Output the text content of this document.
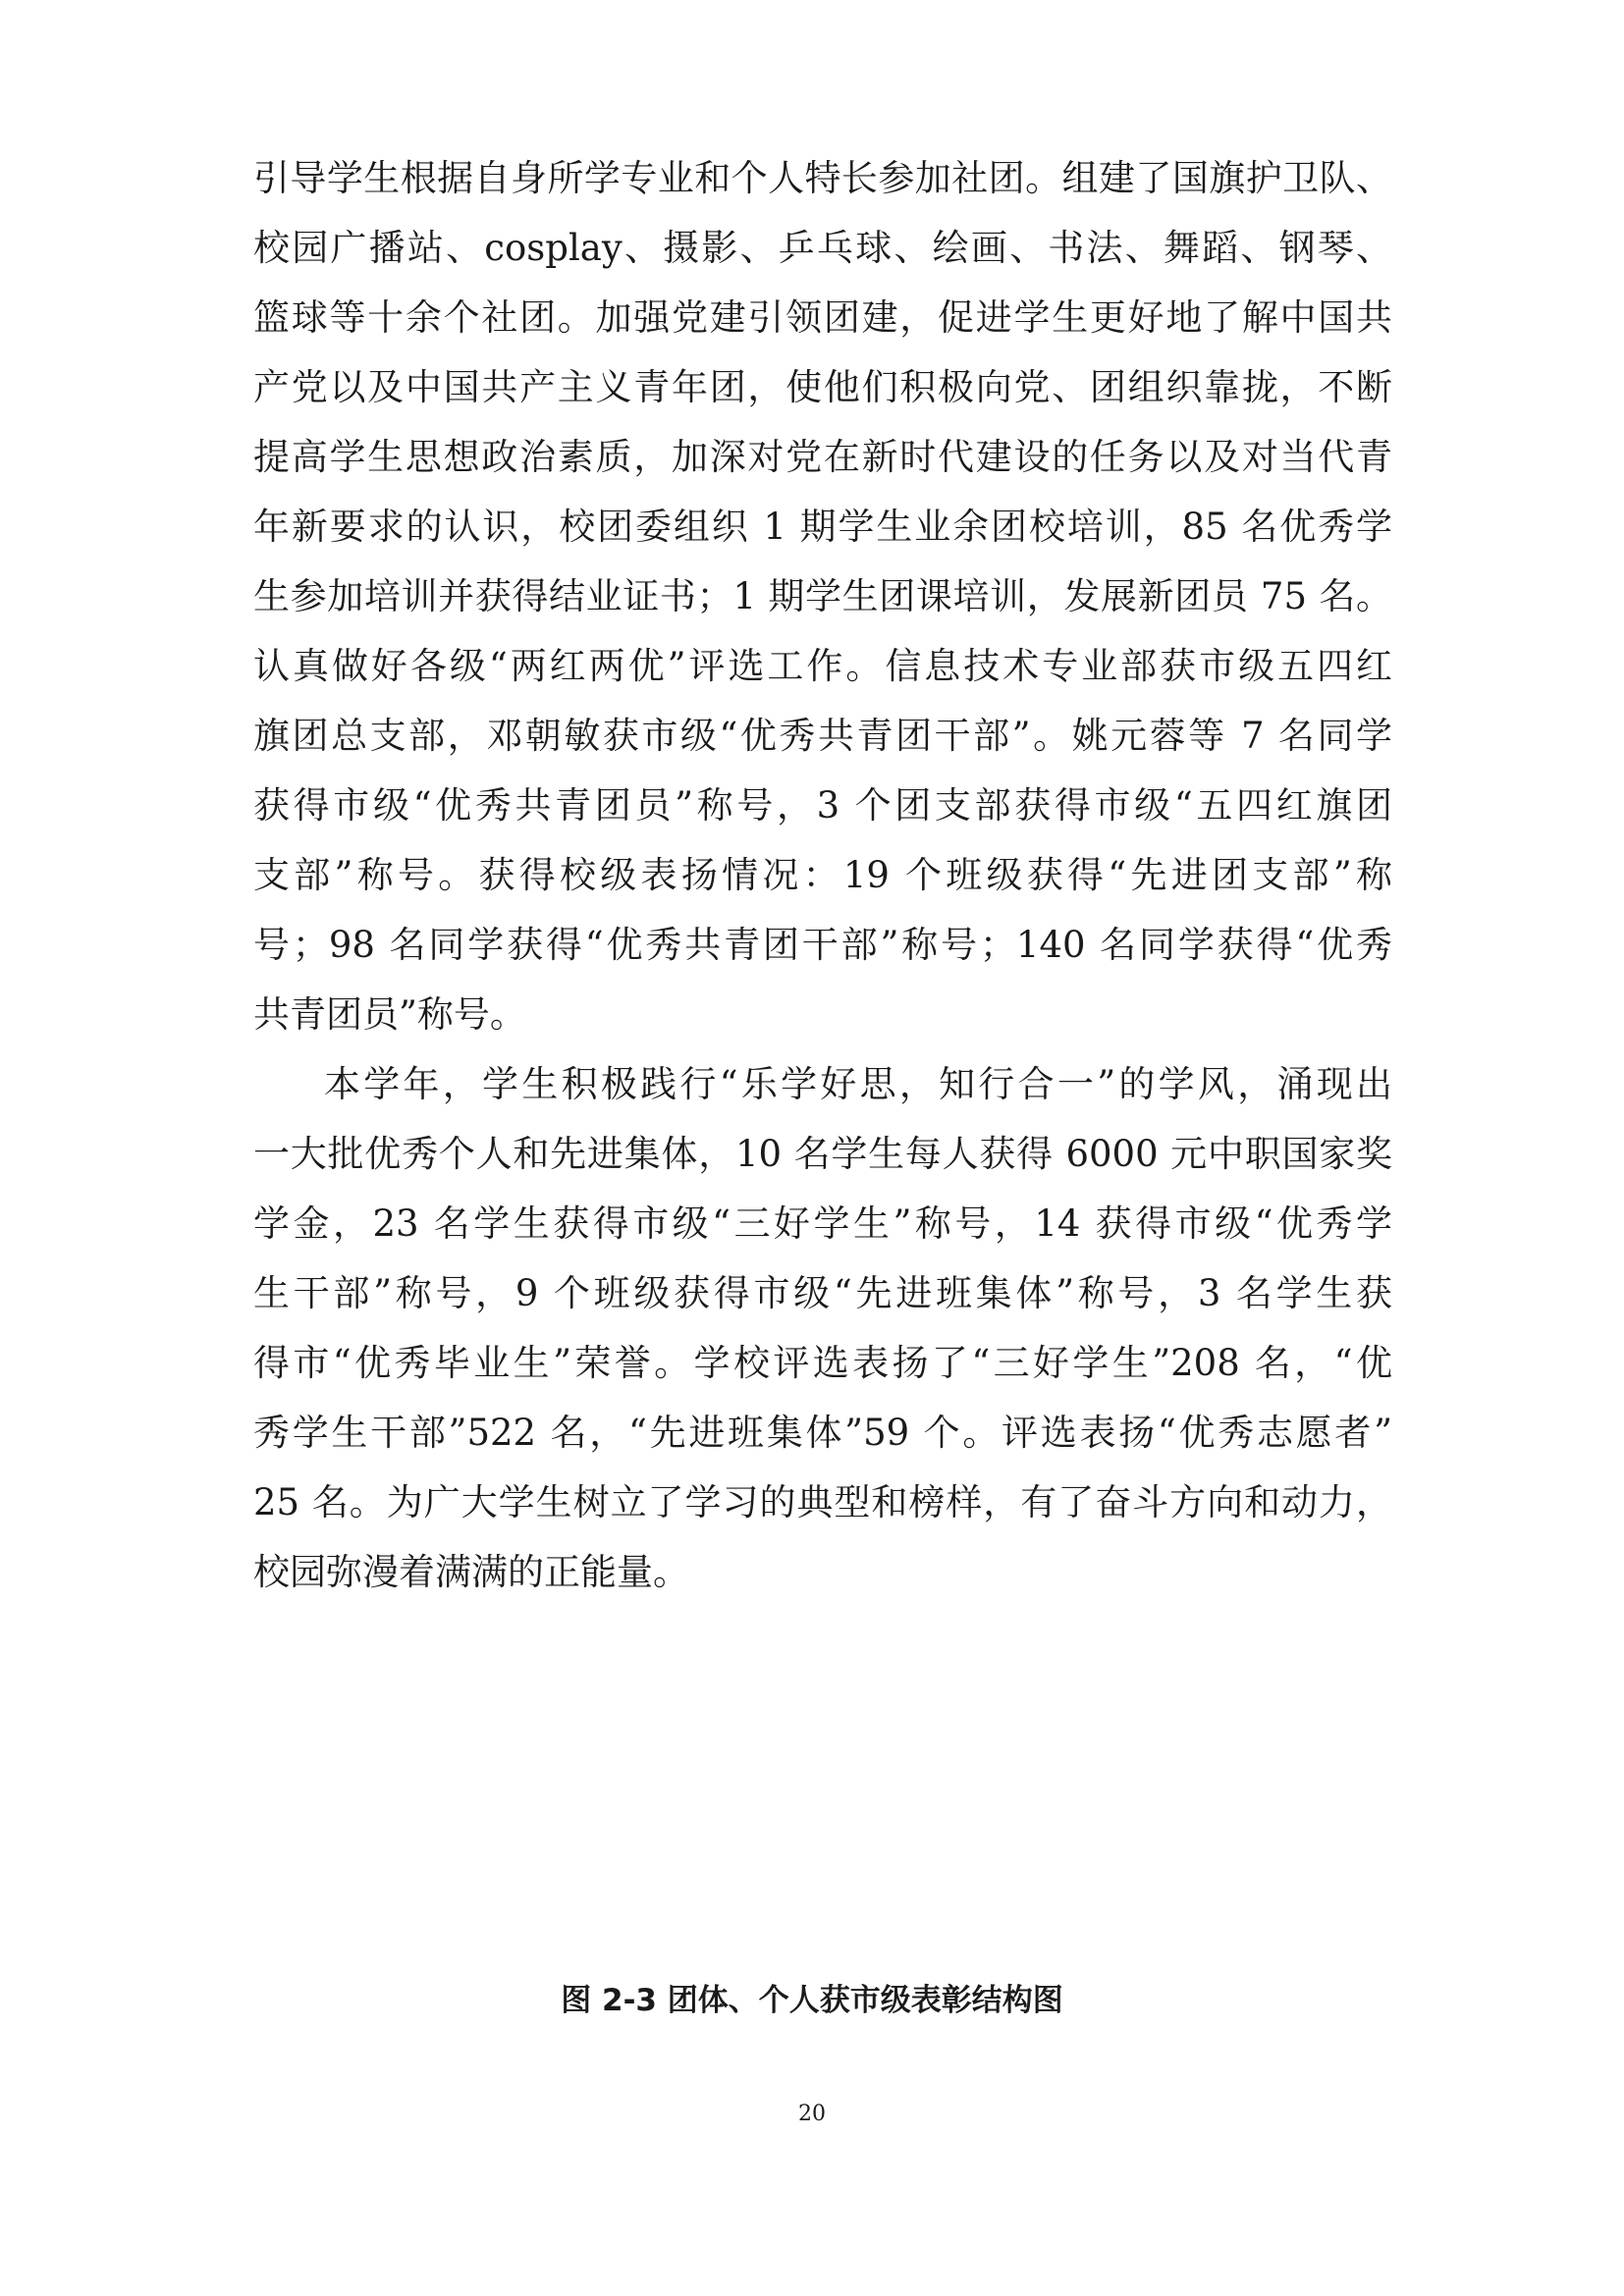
引导学生根据自身所学专业和个人特长参加社团。组建了国旗护卫队、
校园广播站、cosplay、摄影、乒乓球、绘画、书法、舞蹈、钢琴、
篮球等十余个社团。加强党建引领团建，促进学生更好地了解中国共
产党以及中国共产主义青年团，使他们积极向党、团组织靠拢，不断
提高学生思想政治素质，加深对党在新时代建设的任务以及对当代青
年新要求的认识，校团委组织 1 期学生业余团校培训，85 名优秀学
生参加培训并获得结业证书；1 期学生团课培训，发展新团员 75 名。
认真做好各级“两红两优”评选工作。信息技术专业部获市级五四红
旗团总支部，邓朝敏获市级“优秀共青团干部”。姚元蓉等 7 名同学
获得市级“优秀共青团员”称号，3 个团支部获得市级“五四红旗团
支部”称号。获得校级表扬情况：19 个班级获得“先进团支部”称
号；98 名同学获得“优秀共青团干部”称号；140 名同学获得“优秀
共青团员”称号。
本学年，学生积极践行“乐学好思，知行合一”的学风，涌现出
一大批优秀个人和先进集体，10 名学生每人获得 6000 元中职国家奖
学金，23 名学生获得市级“三好学生”称号，14 获得市级“优秀学
生干部”称号，9 个班级获得市级“先进班集体”称号，3 名学生获
得市“优秀毕业生”荣誉。学校评选表扬了“三好学生”208 名，“优
秀学生干部”522 名，“先进班集体”59 个。评选表扬“优秀志愿者”
25 名。为广大学生树立了学习的典型和榜样，有了奋斗方向和动力，
校园弥漫着满满的正能量。
图 2-3 团体、个人获市级表彰结构图
20
